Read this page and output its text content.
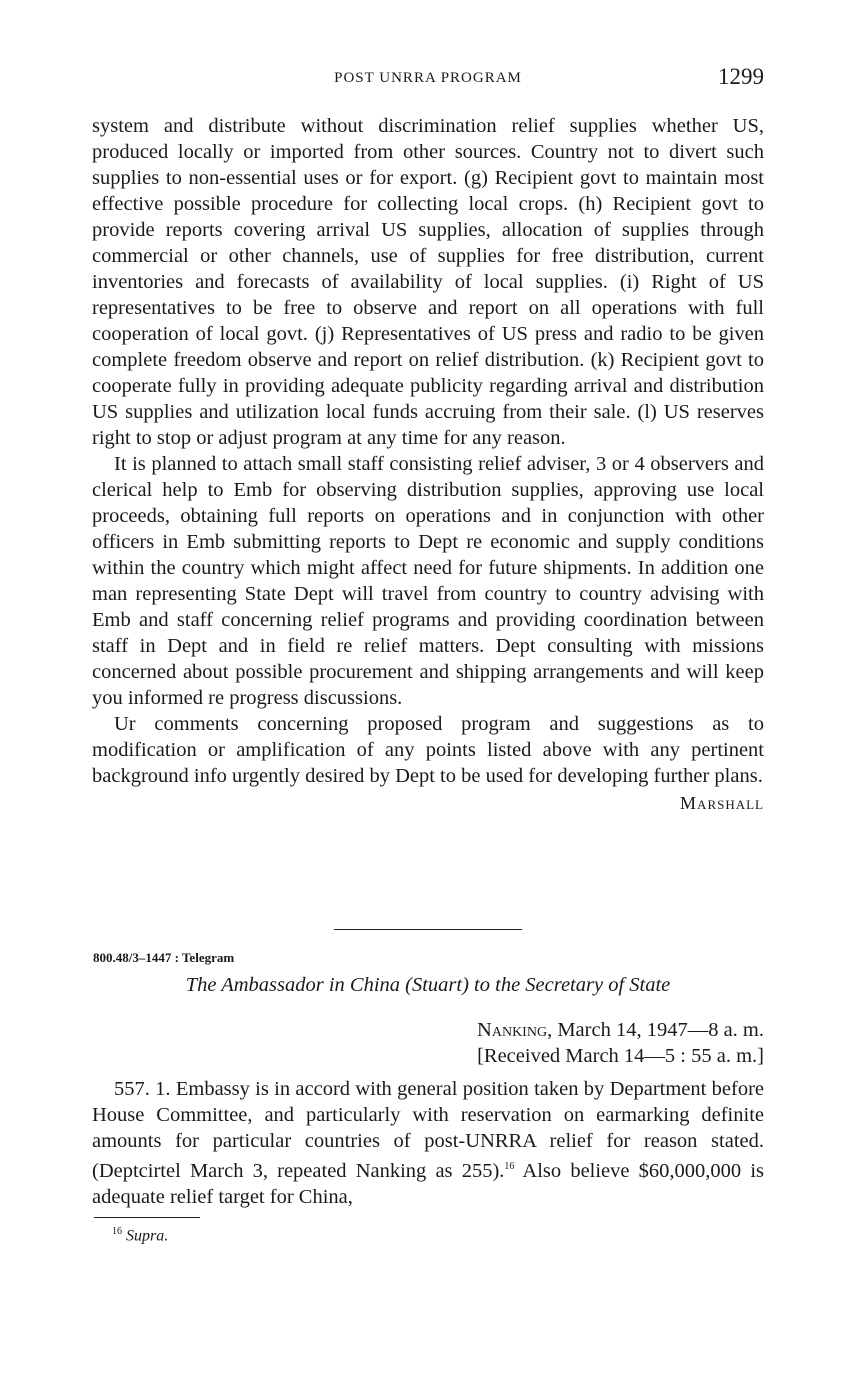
POST UNRRA PROGRAM	1299

system and distribute without discrimination relief supplies whether US, produced locally or imported from other sources. Country not to divert such supplies to non-essential uses or for export. (g) Recipient govt to maintain most effective possible procedure for collecting local crops. (h) Recipient govt to provide reports covering arrival US supplies, allocation of supplies through commercial or other channels, use of supplies for free distribution, current inventories and forecasts of availability of local supplies. (i) Right of US representatives to be free to observe and report on all operations with full cooperation of local govt. (j) Representatives of US press and radio to be given complete freedom observe and report on relief distribution. (k) Recipient govt to cooperate fully in providing adequate publicity regarding arrival and distribution US supplies and utilization local funds accruing from their sale. (l) US reserves right to stop or adjust program at any time for any reason.

It is planned to attach small staff consisting relief adviser, 3 or 4 observers and clerical help to Emb for observing distribution supplies, approving use local proceeds, obtaining full reports on operations and in conjunction with other officers in Emb submitting reports to Dept re economic and supply conditions within the country which might affect need for future shipments. In addition one man representing State Dept will travel from country to country advising with Emb and staff concerning relief programs and providing coordination between staff in Dept and in field re relief matters. Dept consulting with missions concerned about possible procurement and shipping arrangements and will keep you informed re progress discussions.

Ur comments concerning proposed program and suggestions as to modification or amplification of any points listed above with any pertinent background info urgently desired by Dept to be used for developing further plans.

Marshall
800.48/3–1447 : Telegram
The Ambassador in China (Stuart) to the Secretary of State
Nanking, March 14, 1947—8 a. m.
[Received March 14—5 : 55 a. m.]

557. 1. Embassy is in accord with general position taken by Department before House Committee, and particularly with reservation on earmarking definite amounts for particular countries of post-UNRRA relief for reason stated. (Deptcirtel March 3, repeated Nanking as 255).$^{16}$ Also believe $60,000,000 is adequate relief target for China,

$^{16}$ Supra.
